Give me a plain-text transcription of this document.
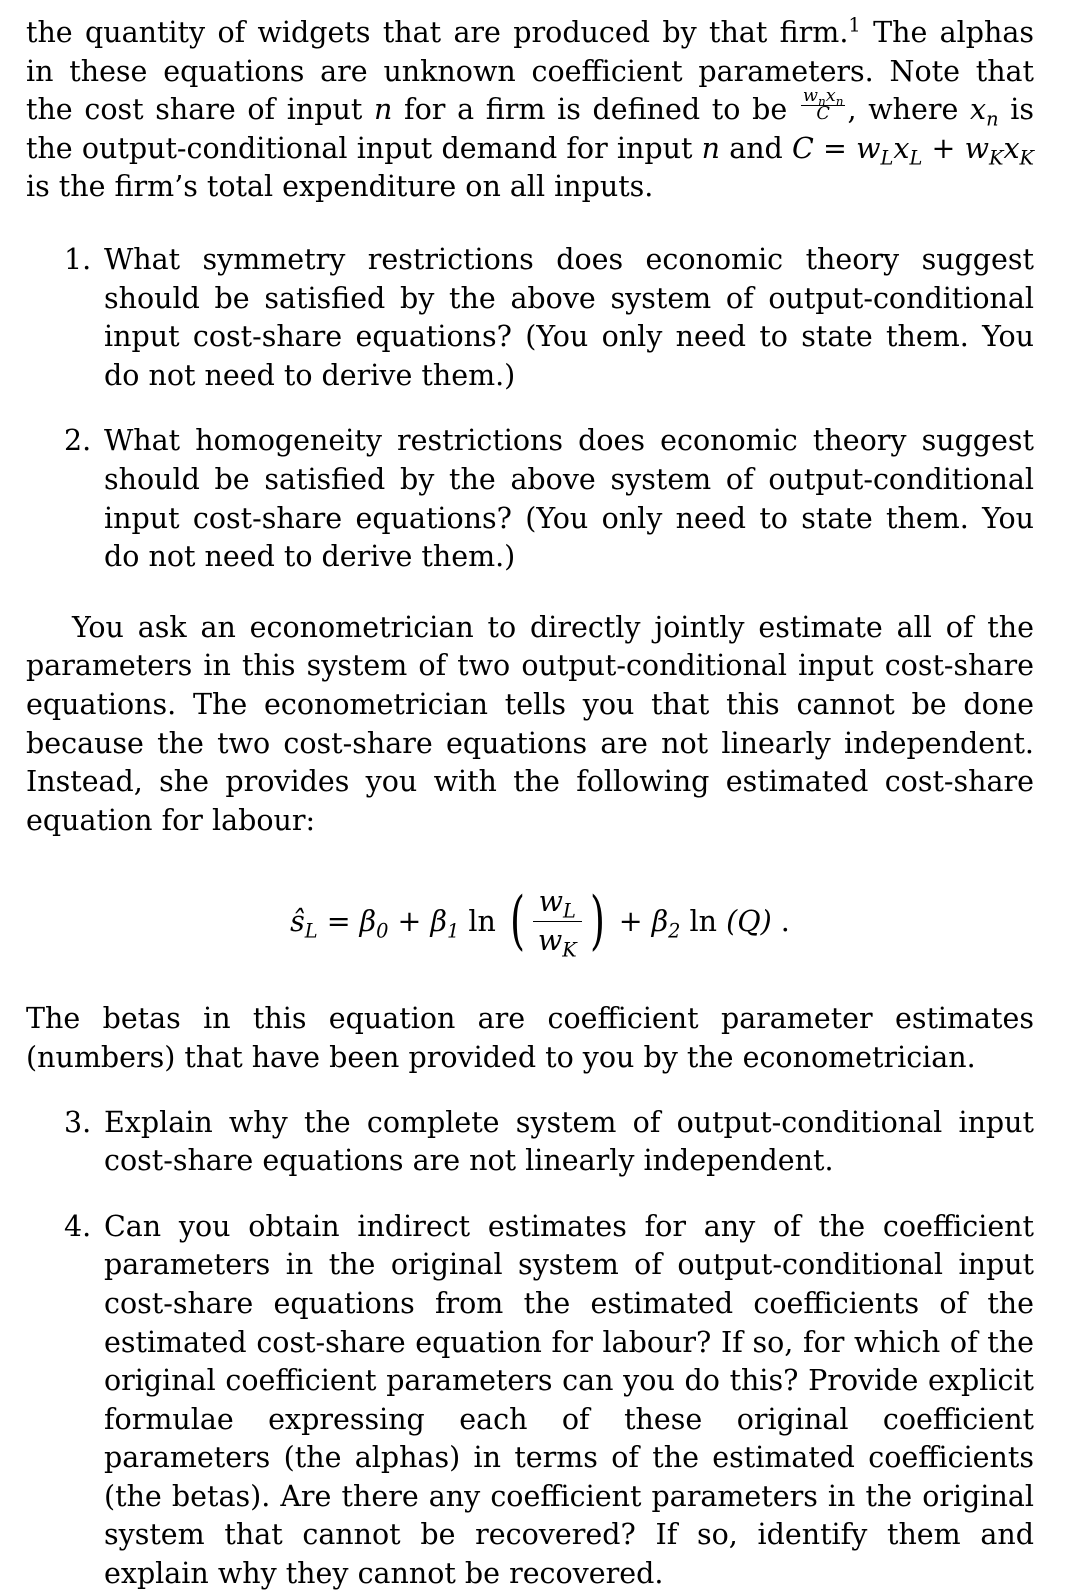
the quantity of widgets that are produced by that firm.$^1$ The alphas in these equations are unknown coefficient parameters. Note that the cost share of input n for a firm is defined to be $\frac{w_nx_n}{C}$ , where $x_n$ is the output-conditional input demand for input n and $C = w_Lx_L + w_Kx_K$ is the firm’s total expenditure on all inputs.

1. What symmetry restrictions does economic theory suggest should be satisfied by the above system of output-conditional input cost-share equations? (You only need to state them. You do not need to derive them.)
2. What homogeneity restrictions does economic theory suggest should be satisfied by the above system of output-conditional input cost-share equations? (You only need to state them. You do not need to derive them.)

You ask an econometrician to directly jointly estimate all of the parameters in this system of two output-conditional input cost-share equations. The econometrician tells you that this cannot be done because the two cost-share equations are not linearly independent. Instead, she provides you with the following estimated cost-share equation for labour:

$ŝ_L = \beta_0 + \beta_1$ ln ( $\frac{w_L}{w_K}$ ) + $\beta_2$ ln (Q) .

The betas in this equation are coefficient parameter estimates (numbers) that have been provided to you by the econometrician.

3. Explain why the complete system of output-conditional input cost-share equations are not linearly independent.
4. Can you obtain indirect estimates for any of the coefficient parameters in the original system of output-conditional input cost-share equations from the estimated coefficients of the estimated cost-share equation for labour? If so, for which of the original coefficient parameters can you do this? Provide explicit formulae expressing each of these original coefficient parameters (the alphas) in terms of the estimated coefficients (the betas). Are there any coefficient parameters in the original system that cannot be recovered? If so, identify them and explain why they cannot be recovered.
